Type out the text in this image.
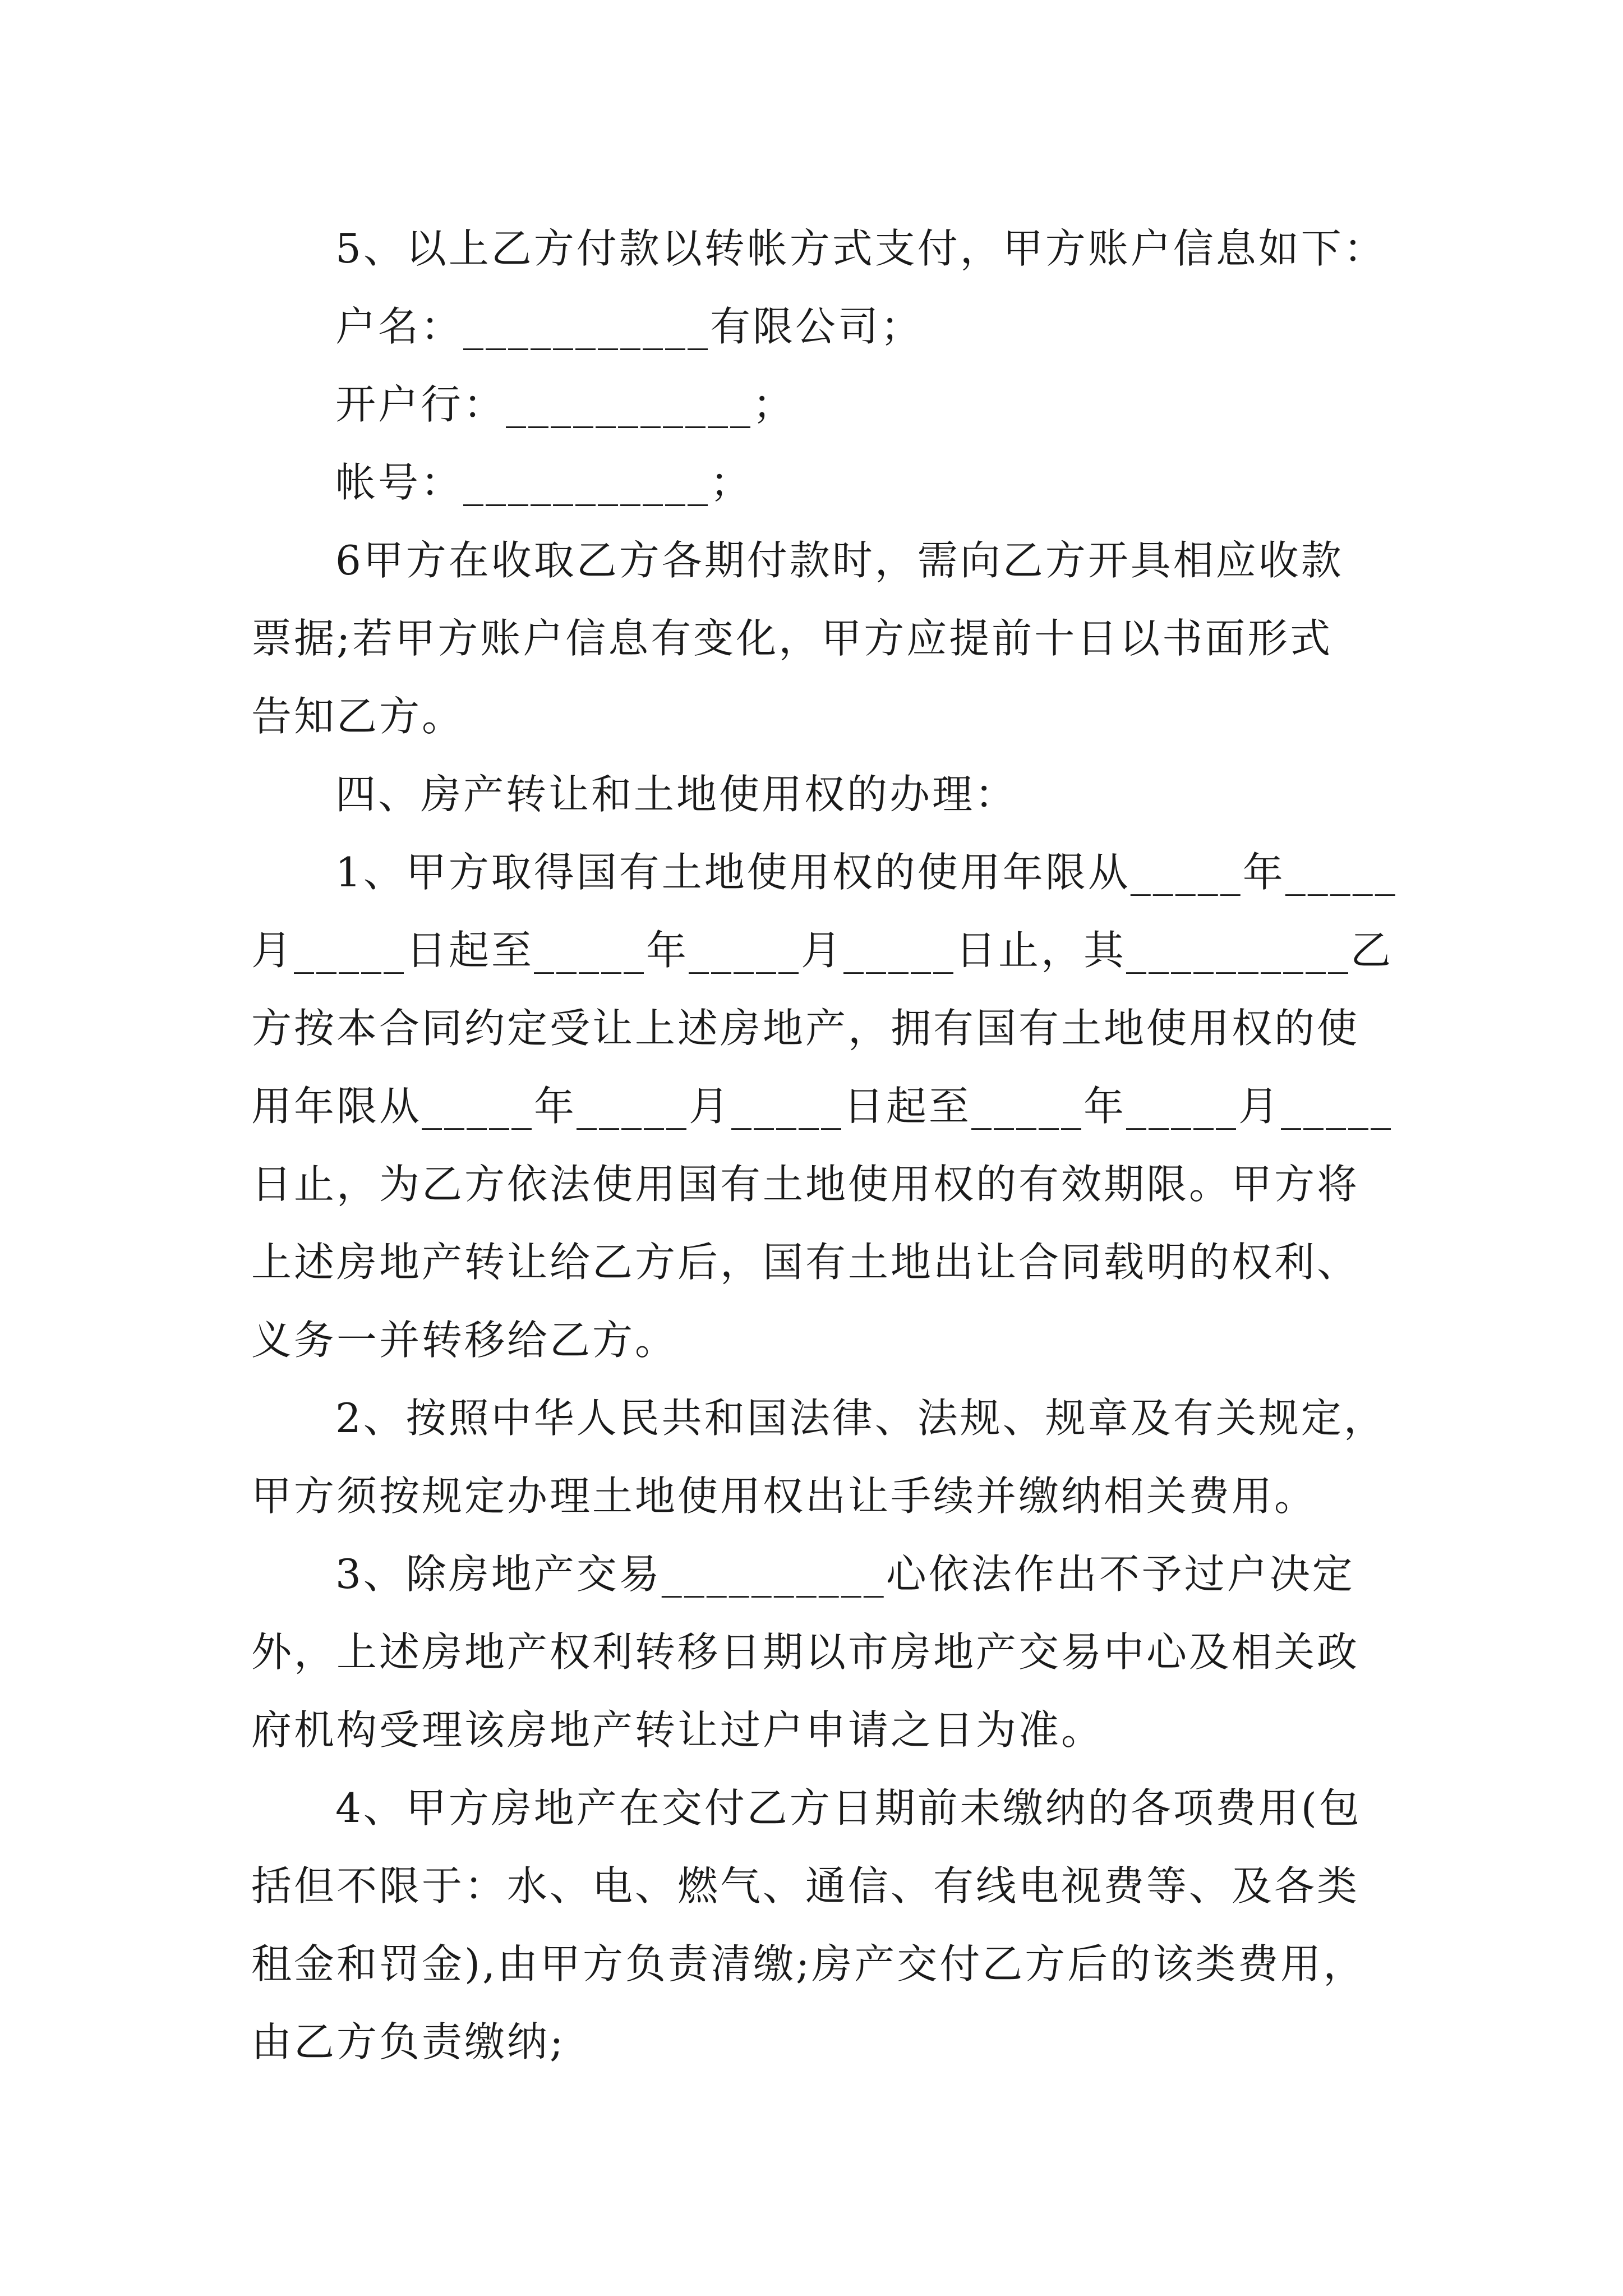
5、以上乙方付款以转帐方式支付，甲方账户信息如下：
户名：___________有限公司；
开户行：___________；
帐号：___________；
6甲方在收取乙方各期付款时，需向乙方开具相应收款
票据;若甲方账户信息有变化，甲方应提前十日以书面形式
告知乙方。
四、房产转让和土地使用权的办理：
1、甲方取得国有土地使用权的使用年限从_____年_____
月_____日起至_____年_____月_____日止，其__________乙
方按本合同约定受让上述房地产，拥有国有土地使用权的使
用年限从_____年_____月_____日起至_____年_____月_____
日止，为乙方依法使用国有土地使用权的有效期限。甲方将
上述房地产转让给乙方后，国有土地出让合同载明的权利、
义务一并转移给乙方。
2、按照中华人民共和国法律、法规、规章及有关规定，
甲方须按规定办理土地使用权出让手续并缴纳相关费用。
3、除房地产交易__________心依法作出不予过户决定
外，上述房地产权利转移日期以市房地产交易中心及相关政
府机构受理该房地产转让过户申请之日为准。
4、甲方房地产在交付乙方日期前未缴纳的各项费用(包
括但不限于：水、电、燃气、通信、有线电视费等、及各类
租金和罚金),由甲方负责清缴;房产交付乙方后的该类费用，
由乙方负责缴纳;
